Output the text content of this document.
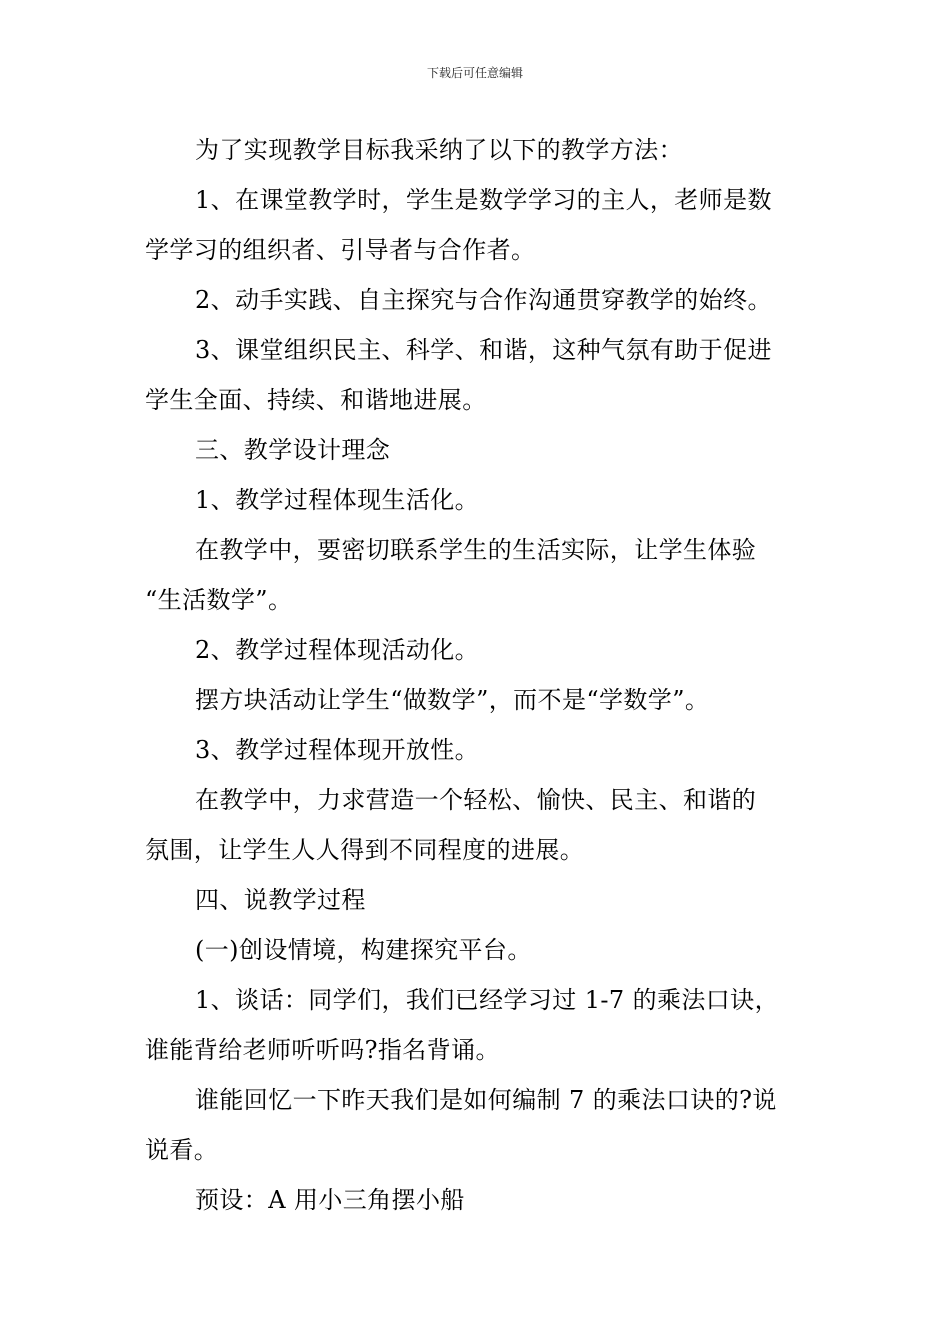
下载后可任意编辑
为了实现教学目标我采纳了以下的教学方法：
1、在课堂教学时，学生是数学学习的主人，老师是数
学学习的组织者、引导者与合作者。
2、动手实践、自主探究与合作沟通贯穿教学的始终。
3、课堂组织民主、科学、和谐，这种气氛有助于促进
学生全面、持续、和谐地进展。
三、教学设计理念
1、教学过程体现生活化。
在教学中，要密切联系学生的生活实际，让学生体验
“生活数学”。
2、教学过程体现活动化。
摆方块活动让学生“做数学”，而不是“学数学”。
3、教学过程体现开放性。
在教学中，力求营造一个轻松、愉快、民主、和谐的
氛围，让学生人人得到不同程度的进展。
四、说教学过程
(一)创设情境，构建探究平台。
1、谈话：同学们，我们已经学习过 1-7 的乘法口诀，
谁能背给老师听听吗?指名背诵。
谁能回忆一下昨天我们是如何编制 7 的乘法口诀的?说
说看。
预设：A 用小三角摆小船
